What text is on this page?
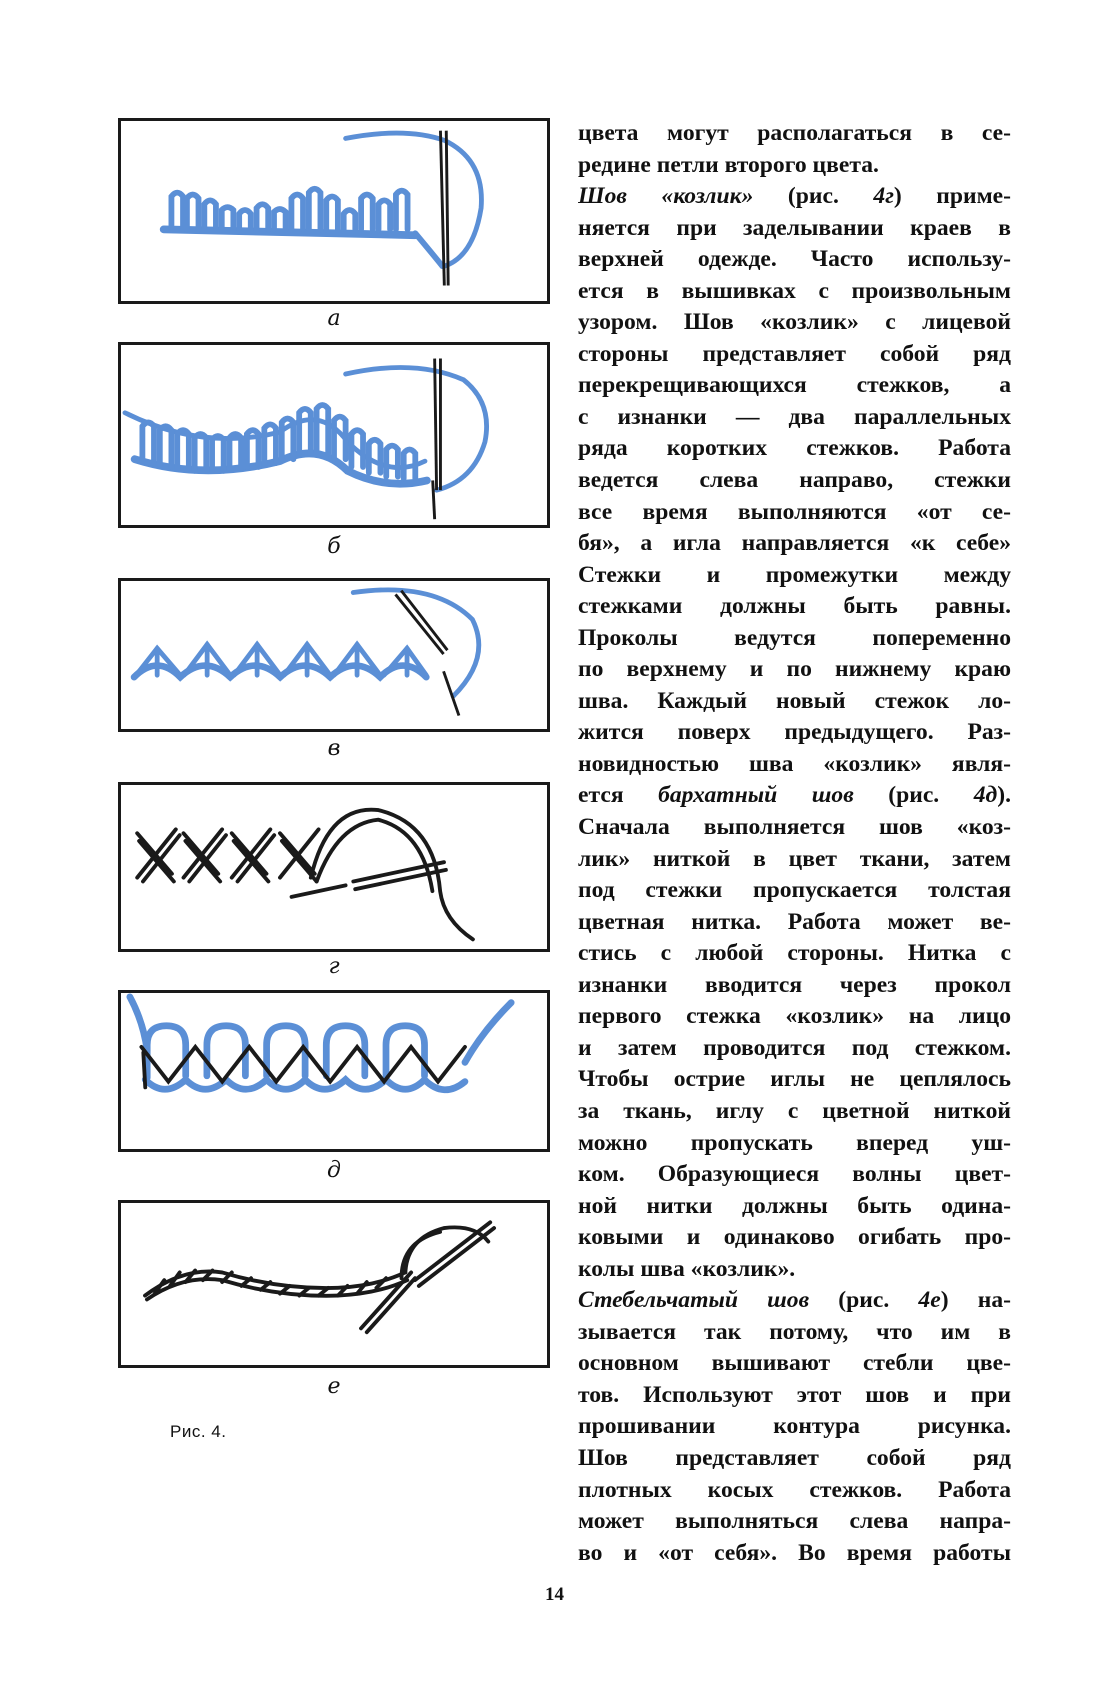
а
б
в
г
д
е
Рис. 4.
цвета могут располагаться в се-
редине петли второго цвета.
Шов «козлик» (рис. 4г) приме-
няется при заделывании краев в
верхней одежде. Часто использу-
ется в вышивках с произвольным
узором. Шов «козлик» с лицевой
стороны представляет собой ряд
перекрещивающихся стежков, а
с изнанки — два параллельных
ряда коротких стежков. Работа
ведется слева направо, стежки
все время выполняются «от се-
бя», а игла направляется «к себе»
Стежки и промежутки между
стежками должны быть равны.
Проколы ведутся попеременно
по верхнему и по нижнему краю
шва. Каждый новый стежок ло-
жится поверх предыдущего. Раз-
новидностью шва «козлик» явля-
ется бархатный шов (рис. 4д).
Сначала выполняется шов «коз-
лик» ниткой в цвет ткани, затем
под стежки пропускается толстая
цветная нитка. Работа может ве-
стись с любой стороны. Нитка с
изнанки вводится через прокол
первого стежка «козлик» на лицо
и затем проводится под стежком.
Чтобы острие иглы не цеплялось
за ткань, иглу с цветной ниткой
можно пропускать вперед уш-
ком. Образующиеся волны цвет-
ной нитки должны быть одина-
ковыми и одинаково огибать про-
колы шва «козлик».
Стебельчатый шов (рис. 4е) на-
зывается так потому, что им в
основном вышивают стебли цве-
тов. Используют этот шов и при
прошивании контура рисунка.
Шов представляет собой ряд
плотных косых стежков. Работа
может выполняться слева напра-
во и «от себя». Во время работы
14
